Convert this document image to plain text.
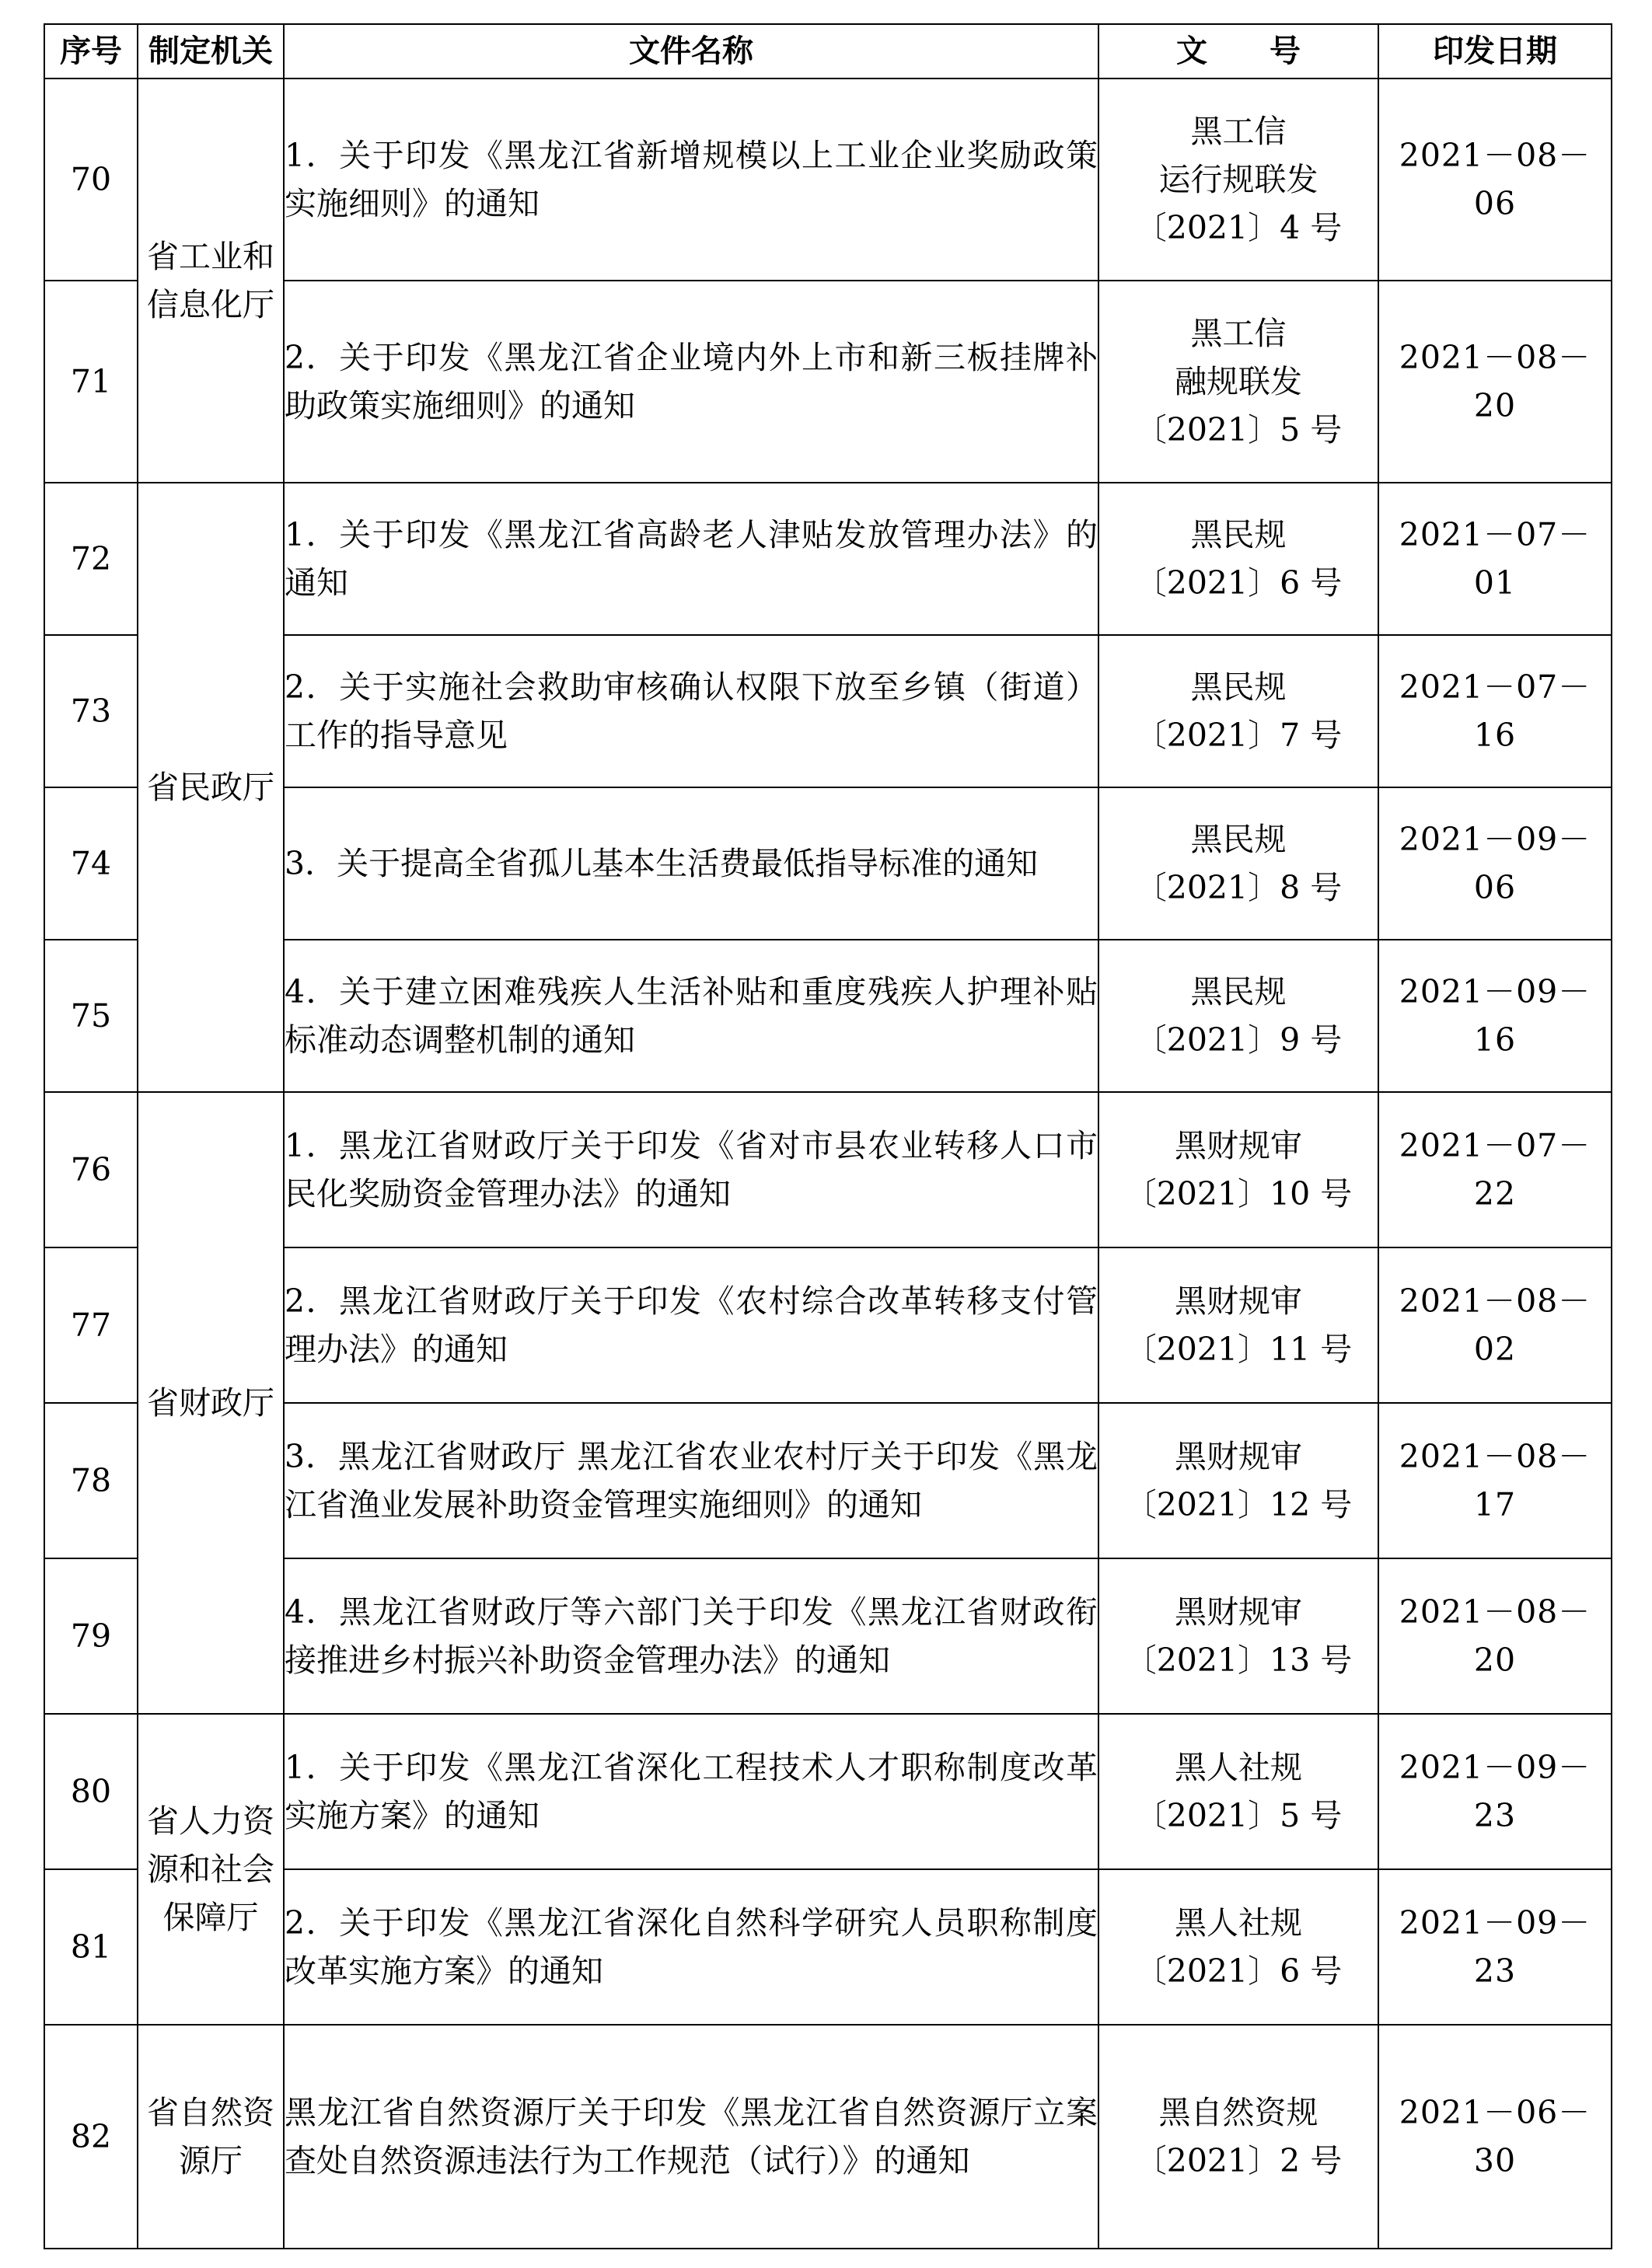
序号	制定机关	文件名称	文　　号	印发日期
70	省工业和信息化厅	1．关于印发《黑龙江省新增规模以上工业企业奖励政策实施细则》的通知	黑工信
运行规联发
〔2021〕4 号	2021－08－06
71		2．关于印发《黑龙江省企业境内外上市和新三板挂牌补助政策实施细则》的通知	黑工信
融规联发
〔2021〕5 号	2021－08－20
72	省民政厅	1．关于印发《黑龙江省高龄老人津贴发放管理办法》的通知	黑民规
〔2021〕6 号	2021－07－01
73		2．关于实施社会救助审核确认权限下放至乡镇（街道）工作的指导意见	黑民规
〔2021〕7 号	2021－07－16
74		3．关于提高全省孤儿基本生活费最低指导标准的通知	黑民规
〔2021〕8 号	2021－09－06
75		4．关于建立困难残疾人生活补贴和重度残疾人护理补贴标准动态调整机制的通知	黑民规
〔2021〕9 号	2021－09－16
76	省财政厅	1．黑龙江省财政厅关于印发《省对市县农业转移人口市民化奖励资金管理办法》的通知	黑财规审
〔2021〕10 号	2021－07－22
77		2．黑龙江省财政厅关于印发《农村综合改革转移支付管理办法》的通知	黑财规审
〔2021〕11 号	2021－08－02
78		3．黑龙江省财政厅 黑龙江省农业农村厅关于印发《黑龙江省渔业发展补助资金管理实施细则》的通知	黑财规审
〔2021〕12 号	2021－08－17
79		4．黑龙江省财政厅等六部门关于印发《黑龙江省财政衔接推进乡村振兴补助资金管理办法》的通知	黑财规审
〔2021〕13 号	2021－08－20
80	省人力资源和社会保障厅	1．关于印发《黑龙江省深化工程技术人才职称制度改革实施方案》的通知	黑人社规
〔2021〕5 号	2021－09－23
81		2．关于印发《黑龙江省深化自然科学研究人员职称制度改革实施方案》的通知	黑人社规
〔2021〕6 号	2021－09－23
82	省自然资源厅	黑龙江省自然资源厅关于印发《黑龙江省自然资源厅立案查处自然资源违法行为工作规范（试行）》的通知	黑自然资规
〔2021〕2 号	2021－06－30
